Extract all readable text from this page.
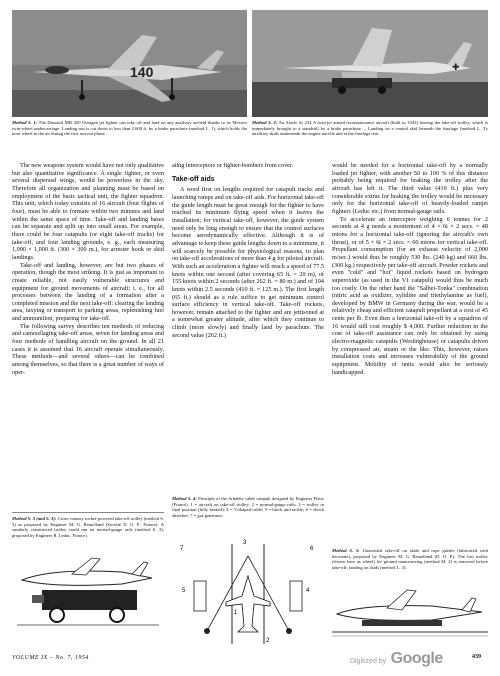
140	✚
Method S. 1: The Dassault MD 450 Ouragan jet fighter can take off and land on any auxiliary airfield thanks to its Messier twin-wheel undercarriage. Landing run is cut down to less than 2,600 ft. by a brake parachute (method L. 1), which holds the nose wheel in the air during the first run-out phase.
Method S. 2: An Arado Ar 234 A twin-jet armed reconnaissance aircraft (built in 1943) leaving the take-off trolley, which is immediately brought to a standstill by a brake parachute. – Landing on a central skid beneath the fuselage (method L. 3); auxiliary skids underneath the engine nacelle and at the fuselage rear.

The new weapons system would have not only qualitative but also quantitative significance. A single fighter, or even several dispersed wings, would be powerless in the sky. Therefore all organization and planning must be based on employment of the basic tactical unit, the fighter squadron. This unit, which today consists of 16 aircraft (four flights of four), must be able to formate within two minutes and land within the same space of time. Take-off and landing bases can be separate and split up into small areas. For example, there could be four catapults (or eight take-off tracks) for take-off, and four landing grounds, e. g., each measuring 1,000 × 1,000 ft. (300 × 300 m.), for arrester hook or skid landings.

Take-off and landing, however, are but two phases of operation, though the most striking. It is just as important to create reliable, not easily vulnerable structures and equipment for ground movements of aircraft; i. e., for all processes between the landing of a formation after a completed mission and the next take-off: clearing the landing area, taxying or transport to parking areas, replenishing fuel and ammunition, preparing for take-off.

The following survey describes ten methods of reducing and camouflaging take-off areas, seven for landing areas and four methods of handling aircraft on the ground. In all 21 cases it is assumed that 16 aircraft operate simultaneously. These methods—and several others—can be combined among themselves, so that there is a great number of ways of oper-

ating interceptors or fighter-bombers from cover.

Take-off aids

A word first on lengths required for catapult tracks and launching ramps and on take-off aids. For horizontal take-off the guide length must be great enough for the fighter to have reached its minimum flying speed when it leaves the installation; for vertical take-off, however, the guide system need only be long enough to ensure that the control surfaces become aerodynamically effective. Although it is of advantage to keep these guide lengths down to a minimum, it will scarcely be possible for physiological reasons, to plan on take-off accelerations of more than 4 g for piloted aircraft. With such an acceleration a fighter will reach a speed of 77.5 knots within one second (after covering 65 ft. = 20 m), of 155 knots within 2 seconds (after 262 ft. = 80 m.) and of 194 knots within 2.5 seconds (410 ft. = 125 m.). The first length (65 ft.) should as a rule suffice to get minimum control surface efficiency in vertical take-off. Take-off rockets, however, remain attached to the fighter and are jettisoned at a somewhat greater altitude, after which they continue to climb (more slowly) and finally land by parachute. The second value (262 ft.)

would be needed for a horizontal take-off by a normally loaded jet fighter, with another 50 to 100 % of this distance probably being required for braking the trolley after the aircraft has left it. The third value (410 ft.) plus very considerable extras for braking the trolley would be necessary only for the horizontal take-off of heavily-loaded ramjet fighters (Leduc etc.) from normal-gauge rails.

To accelerate an interceptor weighing 6 tonnes for 2 seconds at 4 g needs a momentum of 4 × 6t × 2 secs. = 48 mtons for a horizontal take-off (ignoring the aircraft's own thrust), or of 5 × 6t × 2 secs. = 60 mtons for vertical take-off. Propellant consumption (for an exhaust velocity of 2,000 m/sec.) would thus be roughly 530 lbs. (240 kg) and 660 lbs. (300 kg.) respectively per take-off aircraft. Powder rockets and even "cold" and "hot" liquid rockets based on hydrogen superoxide (as used in the V1 catapult) would thus be much too costly. On the other hand the "Salbei-Tonka" combination (nitric acid as oxidizer, xylidine and triethylamine as fuel), developed by BMW in Germany during the war, would be a relatively cheap and efficient catapult propellant at a cost of 45 cents per lb. Even then a horizontal take-off by a squadron of 16 would still cost roughly $ 4,000. Further reduction in the cost of take-off assistance can only be obtained by using electro-magnetic catapults (Westinghouse) or catapults driven by compressed air, steam or the like. This, however, raises installation costs and increases vulnerability of the ground equipment. Mobility of units would also be seriously handicapped.

Method S. 3 (and S. 3): Cross-country rocket-powered take-off trolley (method S. 3) as proposed by Engineer M. G. Remelland (Société D. O. P., France). A similarly constructed trolley could run on normal-gauge rails (method S. 3); proposed by Engineer R. Leduc, France).
Method S. 4: Principle of the Arbalète cable catapult designed by Engineer Fleux (France). 1 = aircraft on take-off trolley; 2 = normal-gauge rails; 3 = trolley in final position (fully braked); 4 = V-shaped cable; 5 = block and tackle; 6 = shock absorber; 7 = gas generator.
3
7	6
5	4
1
2
Method S. 5: Unassisted take-off on skids and rope guides (lubricated with kerosene), proposed by Engineer M. G. Remelland (D. O. P.). The fast trolley (shown here as wheel) for ground manoeuvring (method M. 2) is removed before take-off; landing on skids (method L. 3).
VOLUME IX – No. 7, 1954	Digitized by Google	439
